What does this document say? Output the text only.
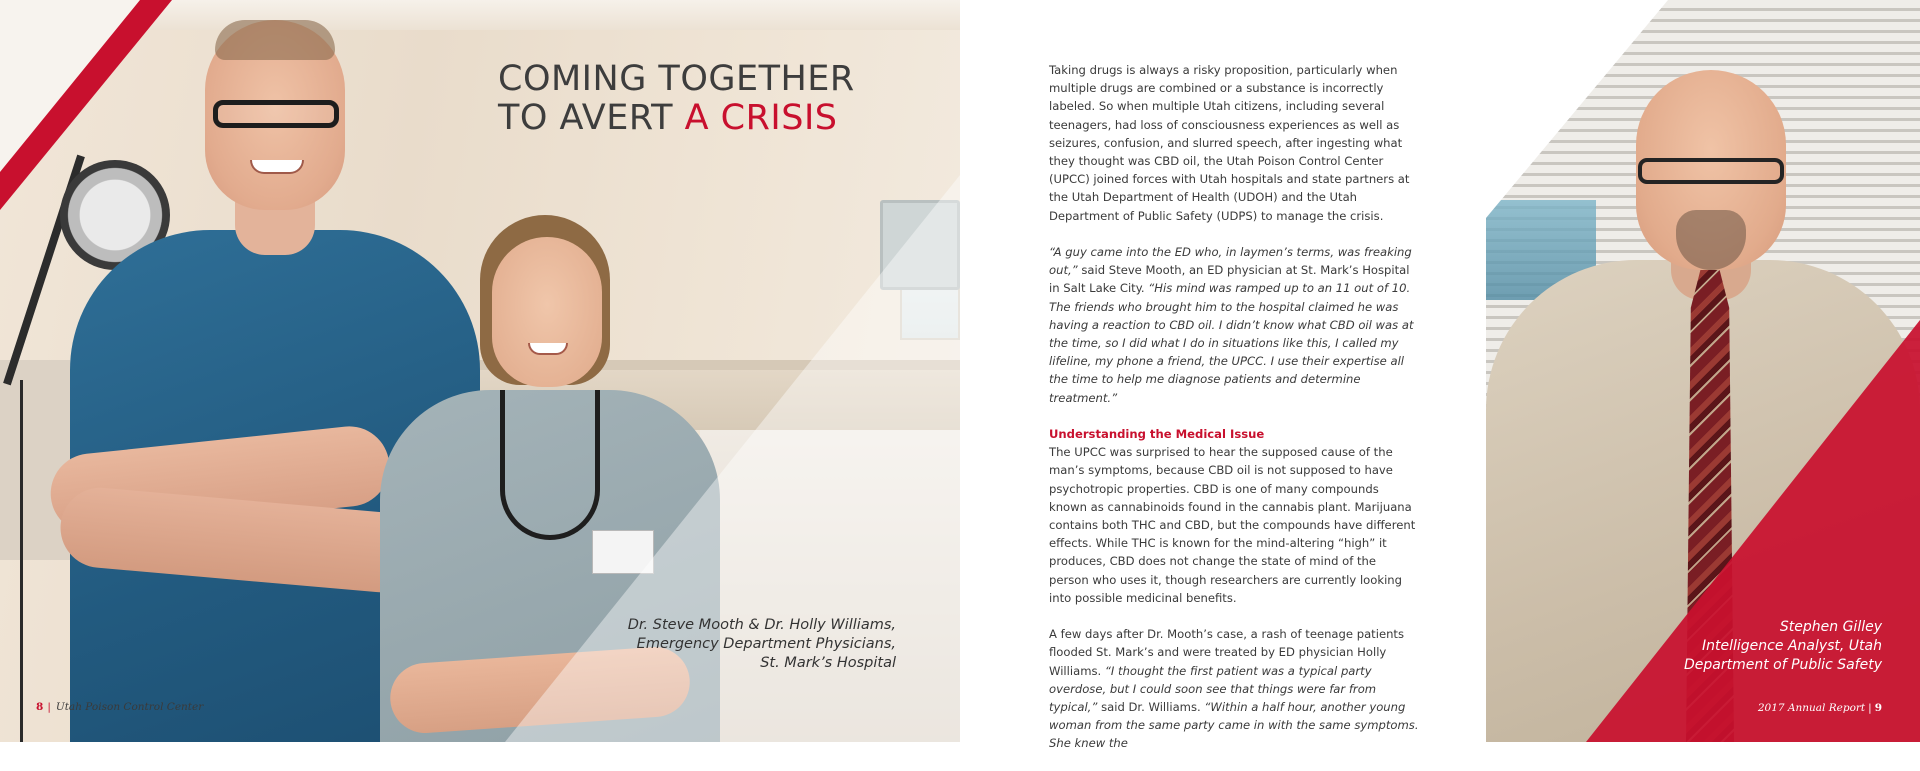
COMING TOGETHER
TO AVERT A CRISIS
Dr. Steve Mooth & Dr. Holly Williams,
Emergency Department Physicians,
St. Mark’s Hospital
8 | Utah Poison Control Center

Taking drugs is always a risky proposition, particularly when multiple drugs are combined or a substance is incorrectly labeled. So when multiple Utah citizens, including several teenagers, had loss of consciousness experiences as well as seizures, confusion, and slurred speech, after ingesting what they thought was CBD oil, the Utah Poison Control Center (UPCC) joined forces with Utah hospitals and state partners at the Utah Department of Health (UDOH) and the Utah Department of Public Safety (UDPS) to manage the crisis.

“A guy came into the ED who, in laymen’s terms, was freaking out,” said Steve Mooth, an ED physician at St. Mark’s Hospital in Salt Lake City. “His mind was ramped up to an 11 out of 10. The friends who brought him to the hospital claimed he was having a reaction to CBD oil. I didn’t know what CBD oil was at the time, so I did what I do in situations like this, I called my lifeline, my phone a friend, the UPCC. I use their expertise all the time to help me diagnose patients and determine treatment.”

Understanding the Medical Issue

The UPCC was surprised to hear the supposed cause of the man’s symptoms, because CBD oil is not supposed to have psychotropic properties. CBD is one of many compounds known as cannabinoids found in the cannabis plant. Marijuana contains both THC and CBD, but the compounds have different effects. While THC is known for the mind-altering “high” it produces, CBD does not change the state of mind of the person who uses it, though researchers are currently looking into possible medicinal benefits.

A few days after Dr. Mooth’s case, a rash of teenage patients flooded St. Mark’s and were treated by ED physician Holly Williams. “I thought the first patient was a typical party overdose, but I could soon see that things were far from typical,” said Dr. Williams. “Within a half hour, another young woman from the same party came in with the same symptoms. She knew the

Stephen Gilley
Intelligence Analyst, Utah
Department of Public Safety
2017 Annual Report | 9
